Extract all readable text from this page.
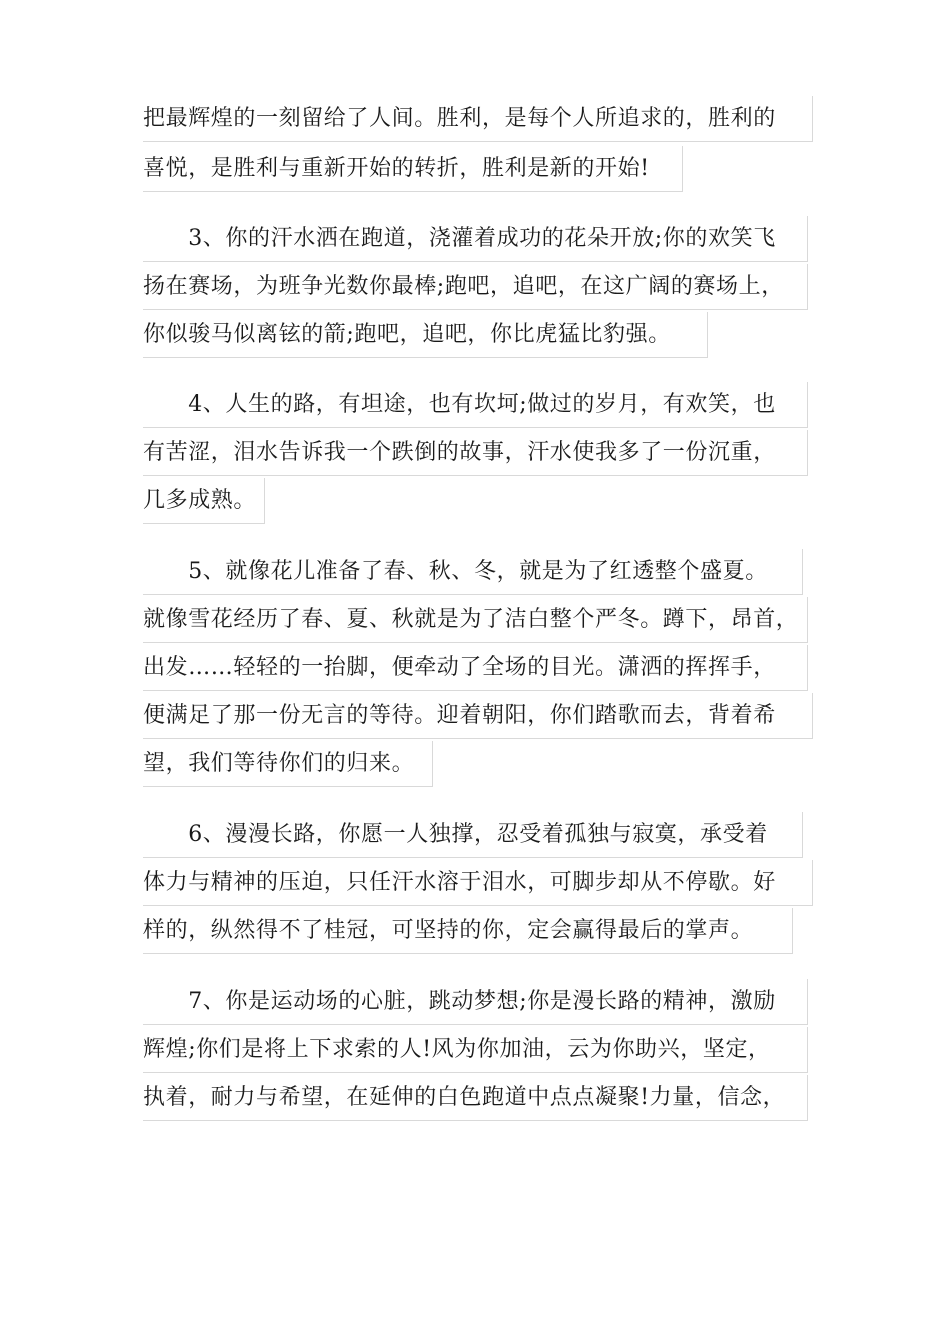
把最辉煌的一刻留给了人间。胜利，是每个人所追求的，胜利的
喜悦，是胜利与重新开始的转折，胜利是新的开始!
　　3、你的汗水洒在跑道，浇灌着成功的花朵开放;你的欢笑飞
扬在赛场，为班争光数你最棒;跑吧，追吧，在这广阔的赛场上，
你似骏马似离铉的箭;跑吧，追吧，你比虎猛比豹强。
　　4、人生的路，有坦途，也有坎坷;做过的岁月，有欢笑，也
有苦涩，泪水告诉我一个跌倒的故事，汗水使我多了一份沉重，
几多成熟。
　　5、就像花儿准备了春、秋、冬，就是为了红透整个盛夏。
就像雪花经历了春、夏、秋就是为了洁白整个严冬。蹲下，昂首，
出发……轻轻的一抬脚，便牵动了全场的目光。潇洒的挥挥手，
便满足了那一份无言的等待。迎着朝阳，你们踏歌而去，背着希
望，我们等待你们的归来。
　　6、漫漫长路，你愿一人独撑，忍受着孤独与寂寞，承受着
体力与精神的压迫，只任汗水溶于泪水，可脚步却从不停歇。好
样的，纵然得不了桂冠，可坚持的你，定会赢得最后的掌声。
　　7、你是运动场的心脏，跳动梦想;你是漫长路的精神，激励
辉煌;你们是将上下求索的人!风为你加油，云为你助兴，坚定，
执着，耐力与希望，在延伸的白色跑道中点点凝聚!力量，信念，
